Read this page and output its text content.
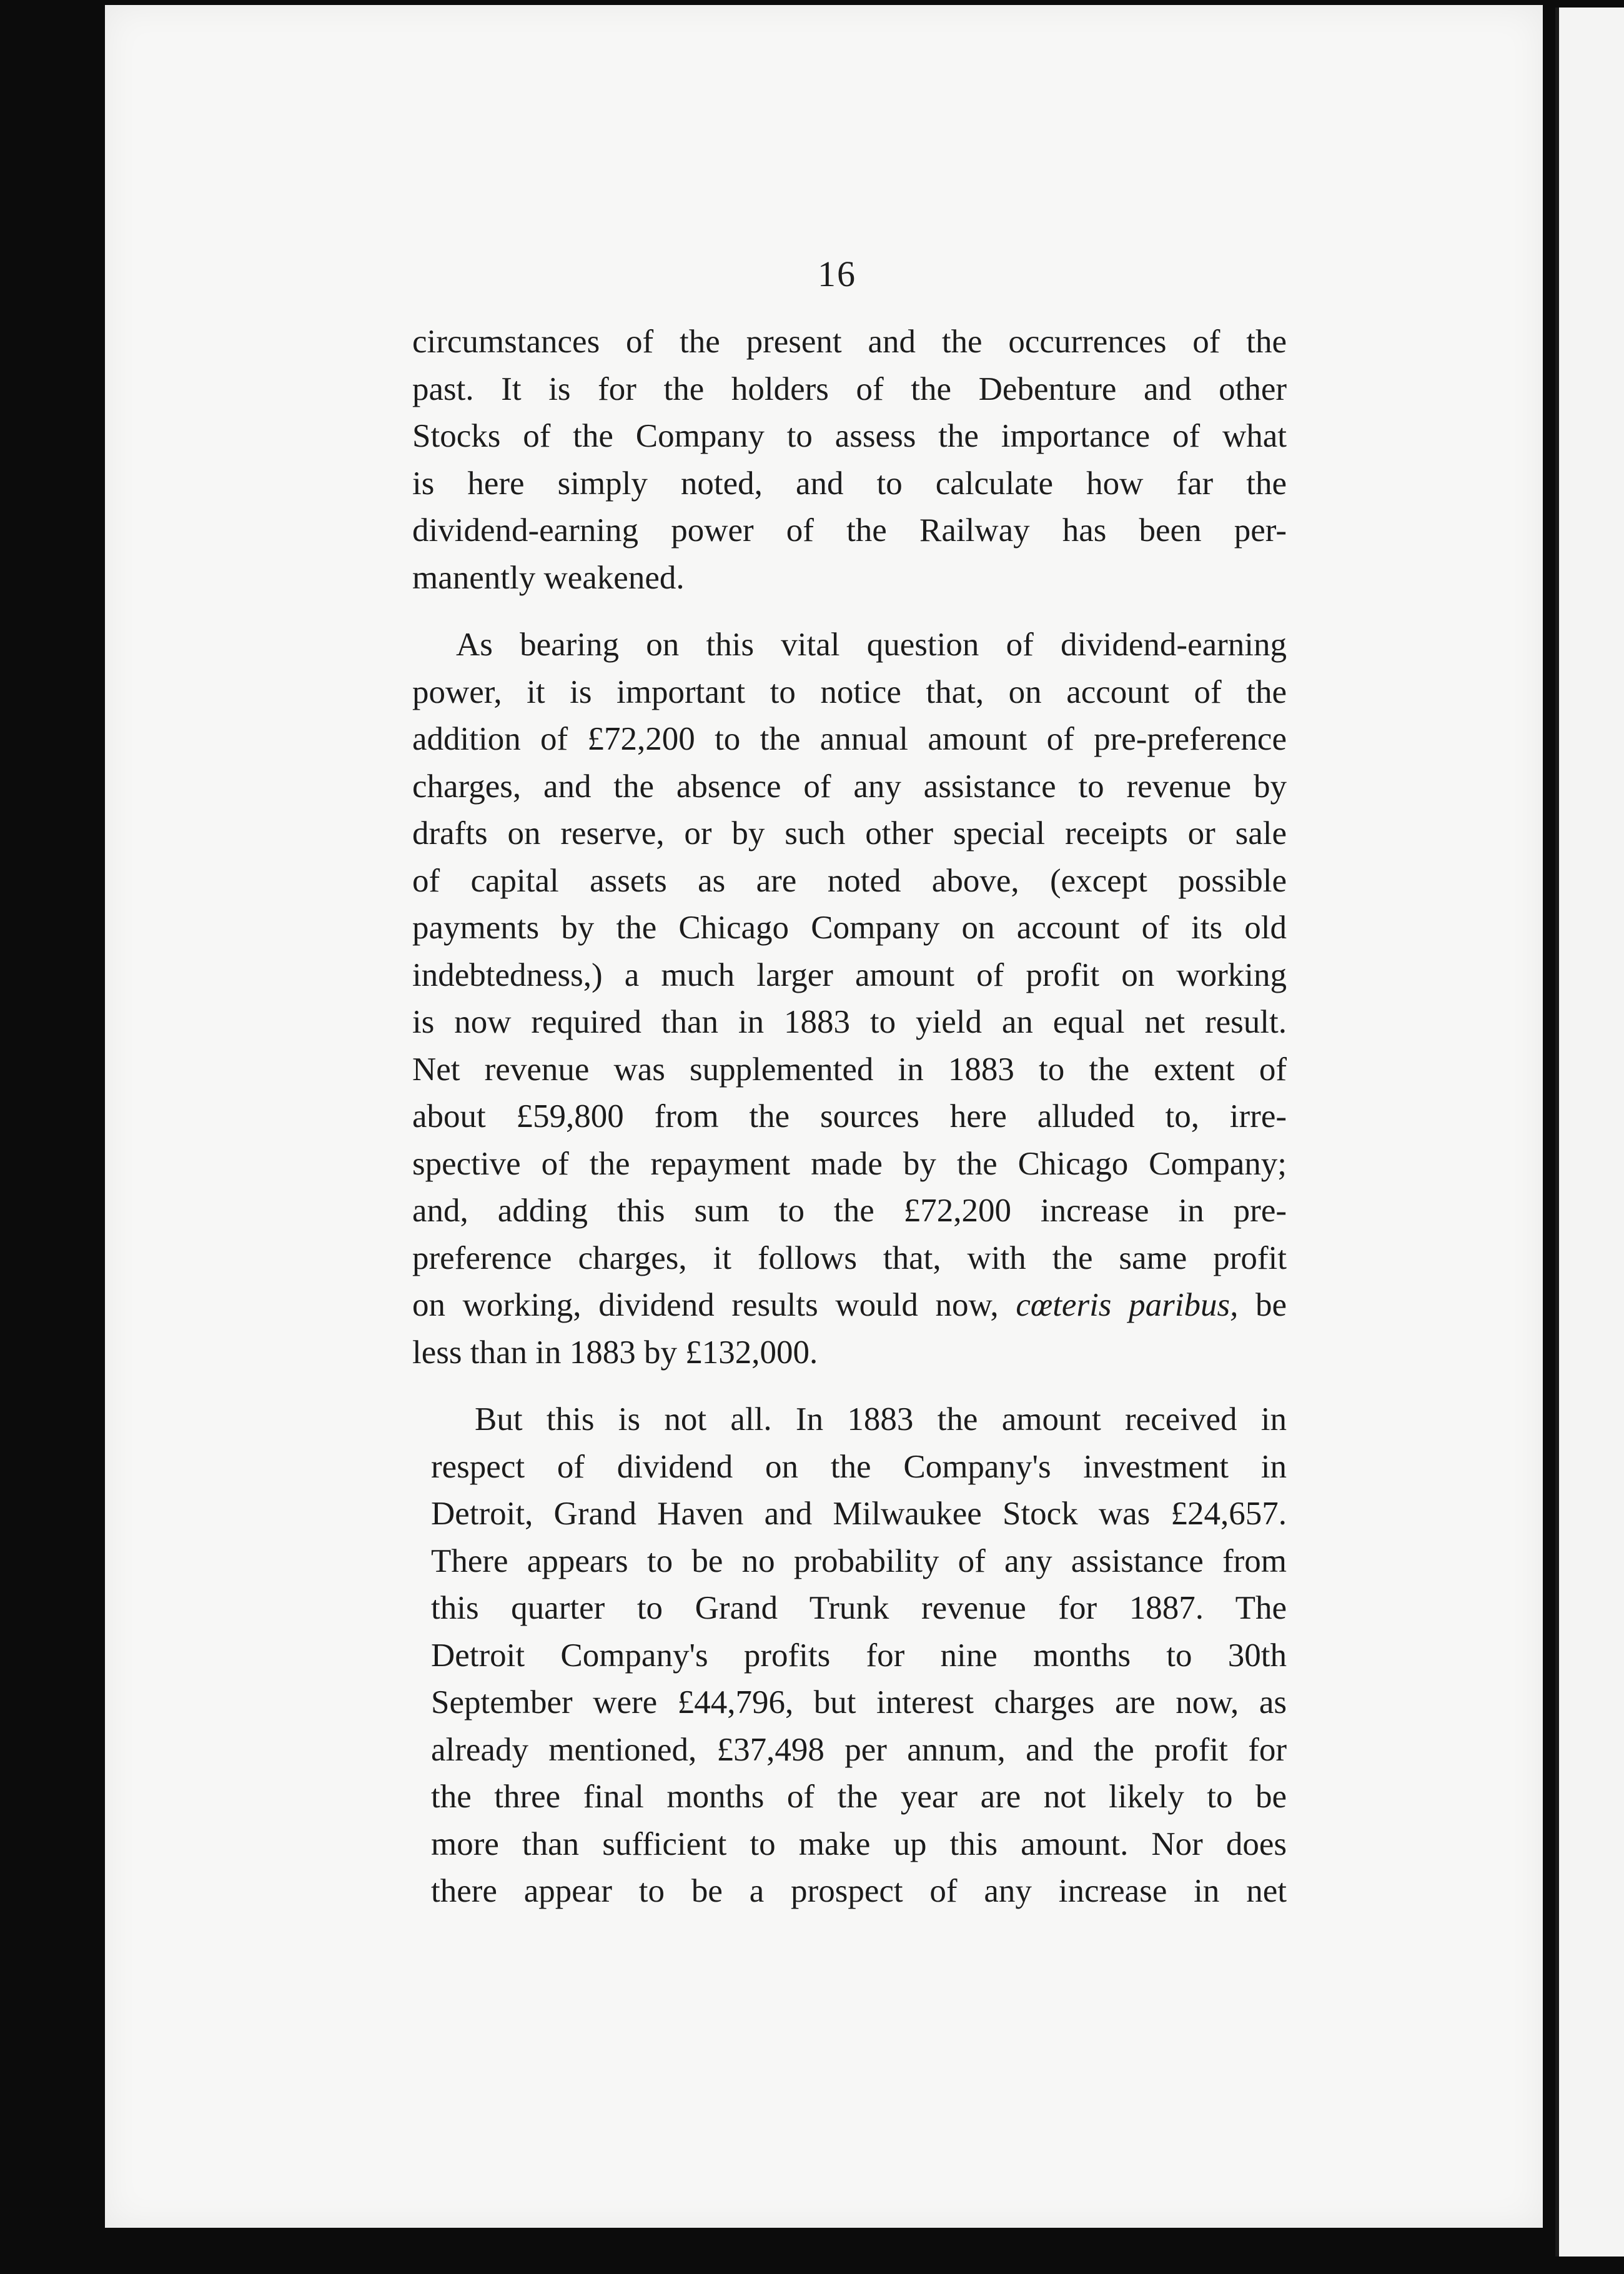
16

circumstances of the present and the occurrences of the
past. It is for the holders of the Debenture and other
Stocks of the Company to assess the importance of what
is here simply noted, and to calculate how far the
dividend-earning power of the Railway has been per-
manently weakened.

As bearing on this vital question of dividend-earning
power, it is important to notice that, on account of the
addition of £72,200 to the annual amount of pre-preference
charges, and the absence of any assistance to revenue by
drafts on reserve, or by such other special receipts or sale
of capital assets as are noted above, (except possible
payments by the Chicago Company on account of its old
indebtedness,) a much larger amount of profit on working
is now required than in 1883 to yield an equal net result.
Net revenue was supplemented in 1883 to the extent of
about £59,800 from the sources here alluded to, irre-
spective of the repayment made by the Chicago Company;
and, adding this sum to the £72,200 increase in pre-
preference charges, it follows that, with the same profit
on working, dividend results would now, cœteris paribus, be
less than in 1883 by £132,000.

But this is not all. In 1883 the amount received in
respect of dividend on the Company's investment in
Detroit, Grand Haven and Milwaukee Stock was £24,657.
There appears to be no probability of any assistance from
this quarter to Grand Trunk revenue for 1887. The
Detroit Company's profits for nine months to 30th
September were £44,796, but interest charges are now, as
already mentioned, £37,498 per annum, and the profit for
the three final months of the year are not likely to be
more than sufficient to make up this amount. Nor does
there appear to be a prospect of any increase in net
